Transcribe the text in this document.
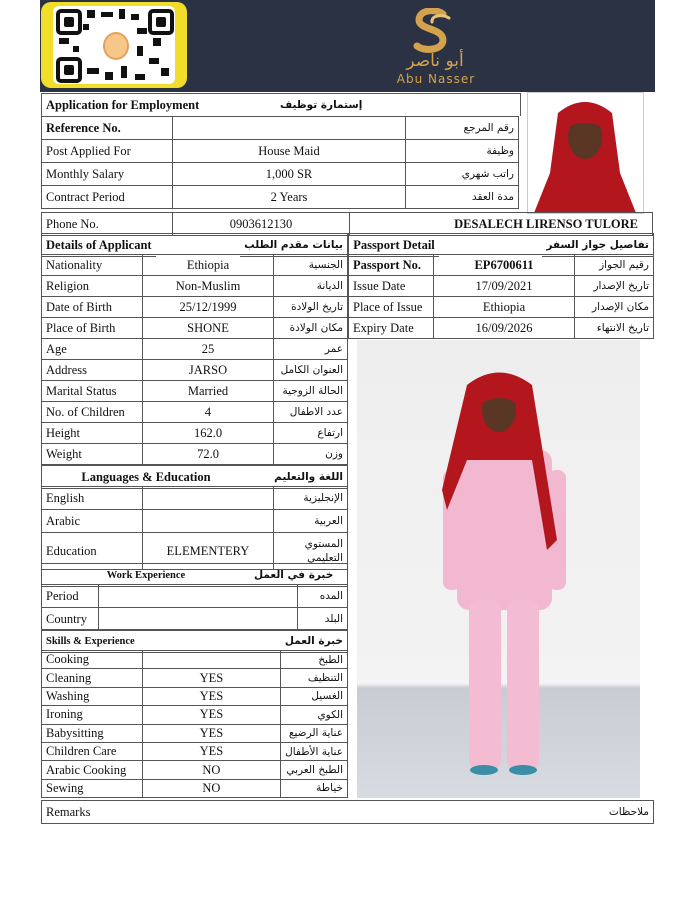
أبو ناصر
Abu Nasser
Application for Employment	إستمارة توظيف
Reference No.		رقم المرجع
Post Applied For	House Maid	وظيفة
Monthly Salary	1,000 SR	راتب شهري
Contract Period	2 Years	مدة العقد
Phone No.	0903612130	DESALECH LIRENSO TULORE
Details of Applicant		بيانات مقدم الطلب
Nationality	Ethiopia	الجنسية
Religion	Non-Muslim	الديانة
Date of Birth	25/12/1999	تاريخ الولادة
Place of Birth	SHONE	مكان الولادة
Age	25	عمر
Address	JARSO	العنوان الكامل
Marital Status	Married	الحالة الزوجية
No. of Children	4	عدد الاطفال
Height	162.0	ارتفاع
Weight	72.0	وزن
Passport Detail		تفاصيل جواز السفر
Passport No.	EP6700611	رقيم الجواز
Issue Date	17/09/2021	تاريخ الإصدار
Place of Issue	Ethiopia	مكان الإصدار
Expiry Date	16/09/2026	تاريخ الانتهاء
Languages & Education	اللغة والتعليم
English		الإنجليزية
Arabic		العربية
Education	ELEMENTERY	المستوي التعليمي
Work Experience	خبرة في العمل
Period		المده
Country		البلد
Skills & Experience	خبرة العمل
Cooking		الطبخ
Cleaning	YES	التنظيف
Washing	YES	الغسيل
Ironing	YES	الكوي
Babysitting	YES	عناية الرضيع
Children Care	YES	عناية الأطفال
Arabic Cooking	NO	الطبخ العربي
Sewing	NO	خياطة
Remarks	ملاحظات
